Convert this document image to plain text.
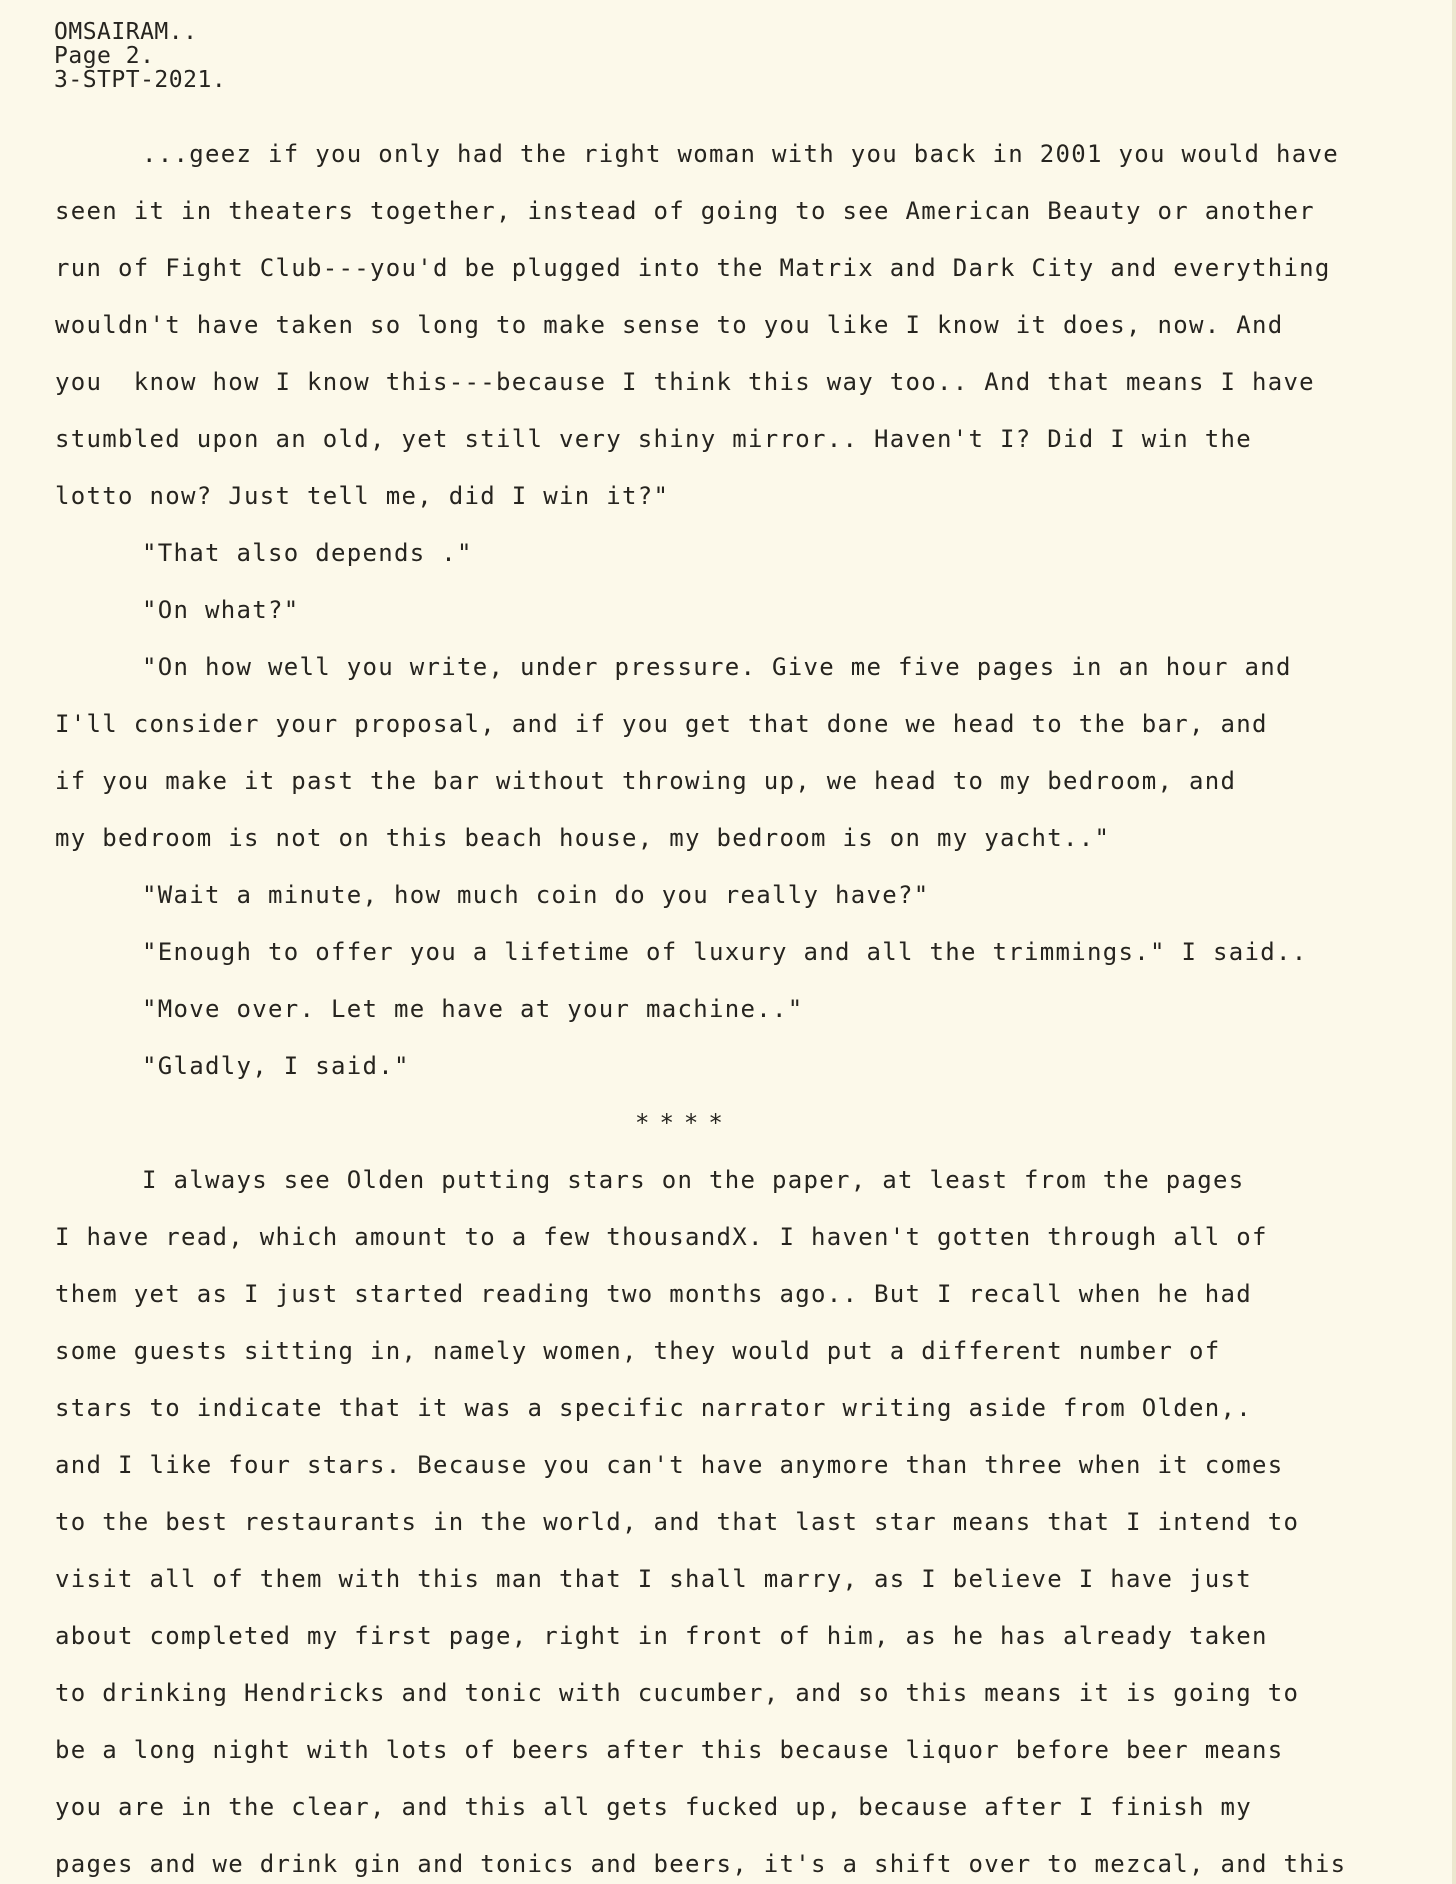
OMSAIRAM..
Page 2.
3-STPT-2021.
...geez if you only had the right woman with you back in 2001 you would have
seen it in theaters together, instead of going to see American Beauty or another
run of Fight Club---you'd be plugged into the Matrix and Dark City and everything
wouldn't have taken so long to make sense to you like I know it does, now. And
you  know how I know this---because I think this way too.. And that means I have
stumbled upon an old, yet still very shiny mirror.. Haven't I? Did I win the
lotto now? Just tell me, did I win it?"
"That also depends ."
"On what?"
"On how well you write, under pressure. Give me five pages in an hour and
I'll consider your proposal, and if you get that done we head to the bar, and
if you make it past the bar without throwing up, we head to my bedroom, and
my bedroom is not on this beach house, my bedroom is on my yacht.."
"Wait a minute, how much coin do you really have?"
"Enough to offer you a lifetime of luxury and all the trimmings." I said..
"Move over. Let me have at your machine.."
"Gladly, I said."
****
I always see Olden putting stars on the paper, at least from the pages
I have read, which amount to a few thousandX. I haven't gotten through all of
them yet as I just started reading two months ago.. But I recall when he had
some guests sitting in, namely women, they would put a different number of
stars to indicate that it was a specific narrator writing aside from Olden,.
and I like four stars. Because you can't have anymore than three when it comes
to the best restaurants in the world, and that last star means that I intend to
visit all of them with this man that I shall marry, as I believe I have just
about completed my first page, right in front of him, as he has already taken
to drinking Hendricks and tonic with cucumber, and so this means it is going to
be a long night with lots of beers after this because liquor before beer means
you are in the clear, and this all gets fucked up, because after I finish my
pages and we drink gin and tonics and beers, it's a shift over to mezcal, and this
